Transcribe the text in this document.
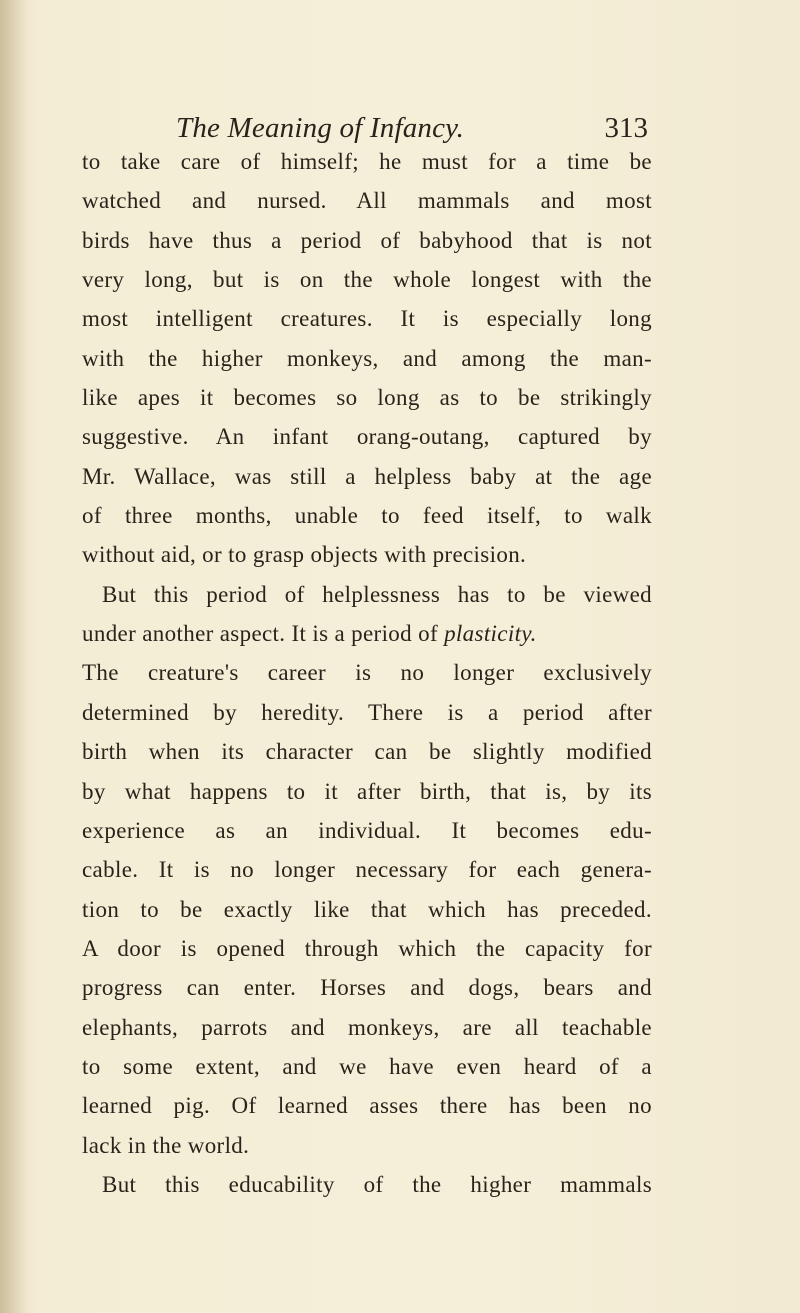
The Meaning of Infancy.	313
to take care of himself; he must for a time be
watched and nursed. All mammals and most
birds have thus a period of babyhood that is not
very long, but is on the whole longest with the
most intelligent creatures. It is especially long
with the higher monkeys, and among the man-
like apes it becomes so long as to be strikingly
suggestive. An infant orang-outang, captured by
Mr. Wallace, was still a helpless baby at the age
of three months, unable to feed itself, to walk
without aid, or to grasp objects with precision.
But this period of helplessness has to be viewed
under another aspect. It is a period of plasticity.
The creature's career is no longer exclusively
determined by heredity. There is a period after
birth when its character can be slightly modified
by what happens to it after birth, that is, by its
experience as an individual. It becomes edu-
cable. It is no longer necessary for each genera-
tion to be exactly like that which has preceded.
A door is opened through which the capacity for
progress can enter. Horses and dogs, bears and
elephants, parrots and monkeys, are all teachable
to some extent, and we have even heard of a
learned pig. Of learned asses there has been no
lack in the world.
But this educability of the higher mammals
